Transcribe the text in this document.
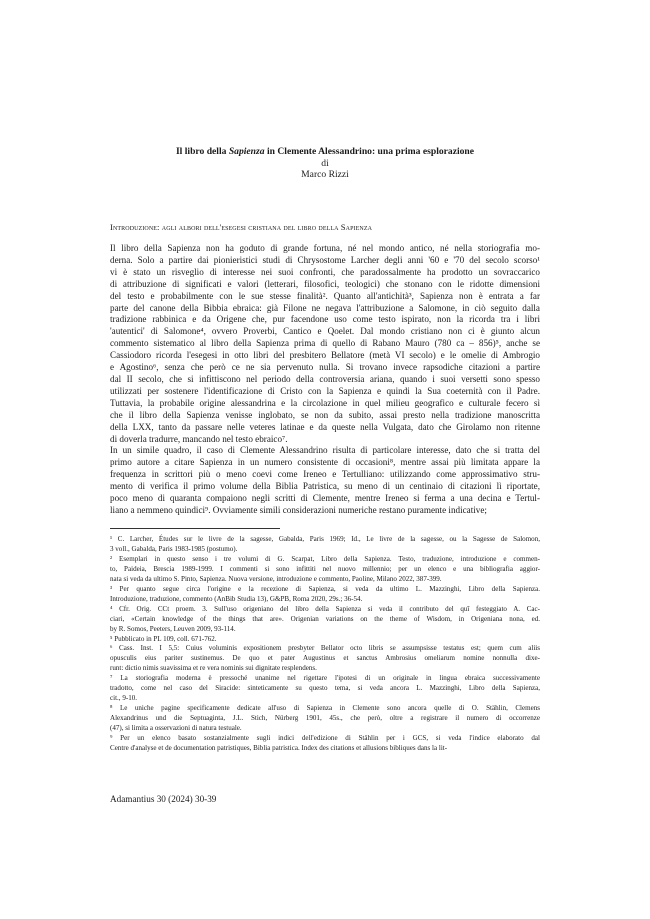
Il libro della Sapienza in Clemente Alessandrino: una prima esplorazione
di
Marco Rizzi
Introduzione: agli albori dell'esegesi cristiana del libro della Sapienza
Il libro della Sapienza non ha goduto di grande fortuna, né nel mondo antico, né nella storiografia mo-
derna. Solo a partire dai pionieristici studi di Chrysostome Larcher degli anni '60 e '70 del secolo scorso¹
vi è stato un risveglio di interesse nei suoi confronti, che paradossalmente ha prodotto un sovraccarico
di attribuzione di significati e valori (letterari, filosofici, teologici) che stonano con le ridotte dimensioni
del testo e probabilmente con le sue stesse finalità². Quanto all'antichità³, Sapienza non è entrata a far
parte del canone della Bibbia ebraica: già Filone ne negava l'attribuzione a Salomone, in ciò seguito dalla
tradizione rabbinica e da Origene che, pur facendone uso come testo ispirato, non la ricorda tra i libri
'autentici' di Salomone⁴, ovvero Proverbi, Cantico e Qoelet. Dal mondo cristiano non ci è giunto alcun
commento sistematico al libro della Sapienza prima di quello di Rabano Mauro (780 ca – 856)⁵, anche se
Cassiodoro ricorda l'esegesi in otto libri del presbitero Bellatore (metà VI secolo) e le omelie di Ambrogio
e Agostino⁶, senza che però ce ne sia pervenuto nulla. Si trovano invece rapsodiche citazioni a partire
dal II secolo, che si infittiscono nel periodo della controversia ariana, quando i suoi versetti sono spesso
utilizzati per sostenere l'identificazione di Cristo con la Sapienza e quindi la Sua coeternità con il Padre.
Tuttavia, la probabile origine alessandrina e la circolazione in quel milieu geografico e culturale fecero sì
che il libro della Sapienza venisse inglobato, se non da subito, assai presto nella tradizione manoscritta
della LXX, tanto da passare nelle veteres latinae e da queste nella Vulgata, dato che Girolamo non ritenne
di doverla tradurre, mancando nel testo ebraico⁷.
In un simile quadro, il caso di Clemente Alessandrino risulta di particolare interesse, dato che si tratta del
primo autore a citare Sapienza in un numero consistente di occasioni⁸, mentre assai più limitata appare la
frequenza in scrittori più o meno coevi come Ireneo e Tertulliano: utilizzando come approssimativo stru-
mento di verifica il primo volume della Biblia Patristica, su meno di un centinaio di citazioni lì riportate,
poco meno di quaranta compaiono negli scritti di Clemente, mentre Ireneo si ferma a una decina e Tertul-
liano a nemmeno quindici⁹. Ovviamente simili considerazioni numeriche restano puramente indicative;
¹ C. Larcher, Études sur le livre de la sagesse, Gabalda, Paris 1969; Id., Le livre de la sagesse, ou la Sagesse de Salomon,
3 voll., Gabalda, Paris 1983-1985 (postumo).
² Esemplari in questo senso i tre volumi di G. Scarpat, Libro della Sapienza. Testo, traduzione, introduzione e commen-
to, Paideia, Brescia 1989-1999. I commenti si sono infittiti nel nuovo millennio; per un elenco e una bibliografia aggior-
nata si veda da ultimo S. Pinto, Sapienza. Nuova versione, introduzione e commento, Paoline, Milano 2022, 387-399.
³ Per quanto segue circa l'origine e la recezione di Sapienza, si veda da ultimo L. Mazzinghi, Libro della Sapienza.
Introduzione, traduzione, commento (AnBib Studia 13), G&PB, Roma 2020, 29s.; 36-54.
⁴ Cfr. Orig. CCt proem. 3. Sull'uso origeniano del libro della Sapienza si veda il contributo del quī festeggiato A. Cac-
ciari, «Certain knowledge of the things that are». Origenian variations on the theme of Wisdom, in Origeniana nona, ed.
by R. Somos, Peeters, Leuven 2009, 93-114.
⁵ Pubblicato in PL 109, coll. 671-762.
⁶ Cass. Inst. I 5,5: Cuius voluminis expositionem presbyter Bellator octo libris se assumpsisse testatus est; quem cum aliis
opusculis eius pariter sustinemus. De quo et pater Augustinus et sanctus Ambrosius omeliarum nomine nonnulla dixe-
runt: dictio nimis suavissima et re vera nominis sui dignitate resplendens.
⁷ La storiografia moderna è pressoché unanime nel rigettare l'ipotesi di un originale in lingua ebraica successivamente
tradotto, come nel caso del Siracide: sinteticamente su questo tema, si veda ancora L. Mazzinghi, Libro della Sapienza,
cit., 9-10.
⁸ Le uniche pagine specificamente dedicate all'uso di Sapienza in Clemente sono ancora quelle di O. Stählin, Clemens
Alexandrinus und die Septuaginta, J.L. Stich, Nürberg 1901, 45s., che però, oltre a registrare il numero di occorrenze
(47), si limita a osservazioni di natura testuale.
⁹ Per un elenco basato sostanzialmente sugli indici dell'edizione di Stählin per i GCS, si veda l'indice elaborato dal
Centre d'analyse et de documentation patristiques, Biblia patristica. Index des citations et allusions bibliques dans la lit-
Adamantius 30 (2024) 30-39
